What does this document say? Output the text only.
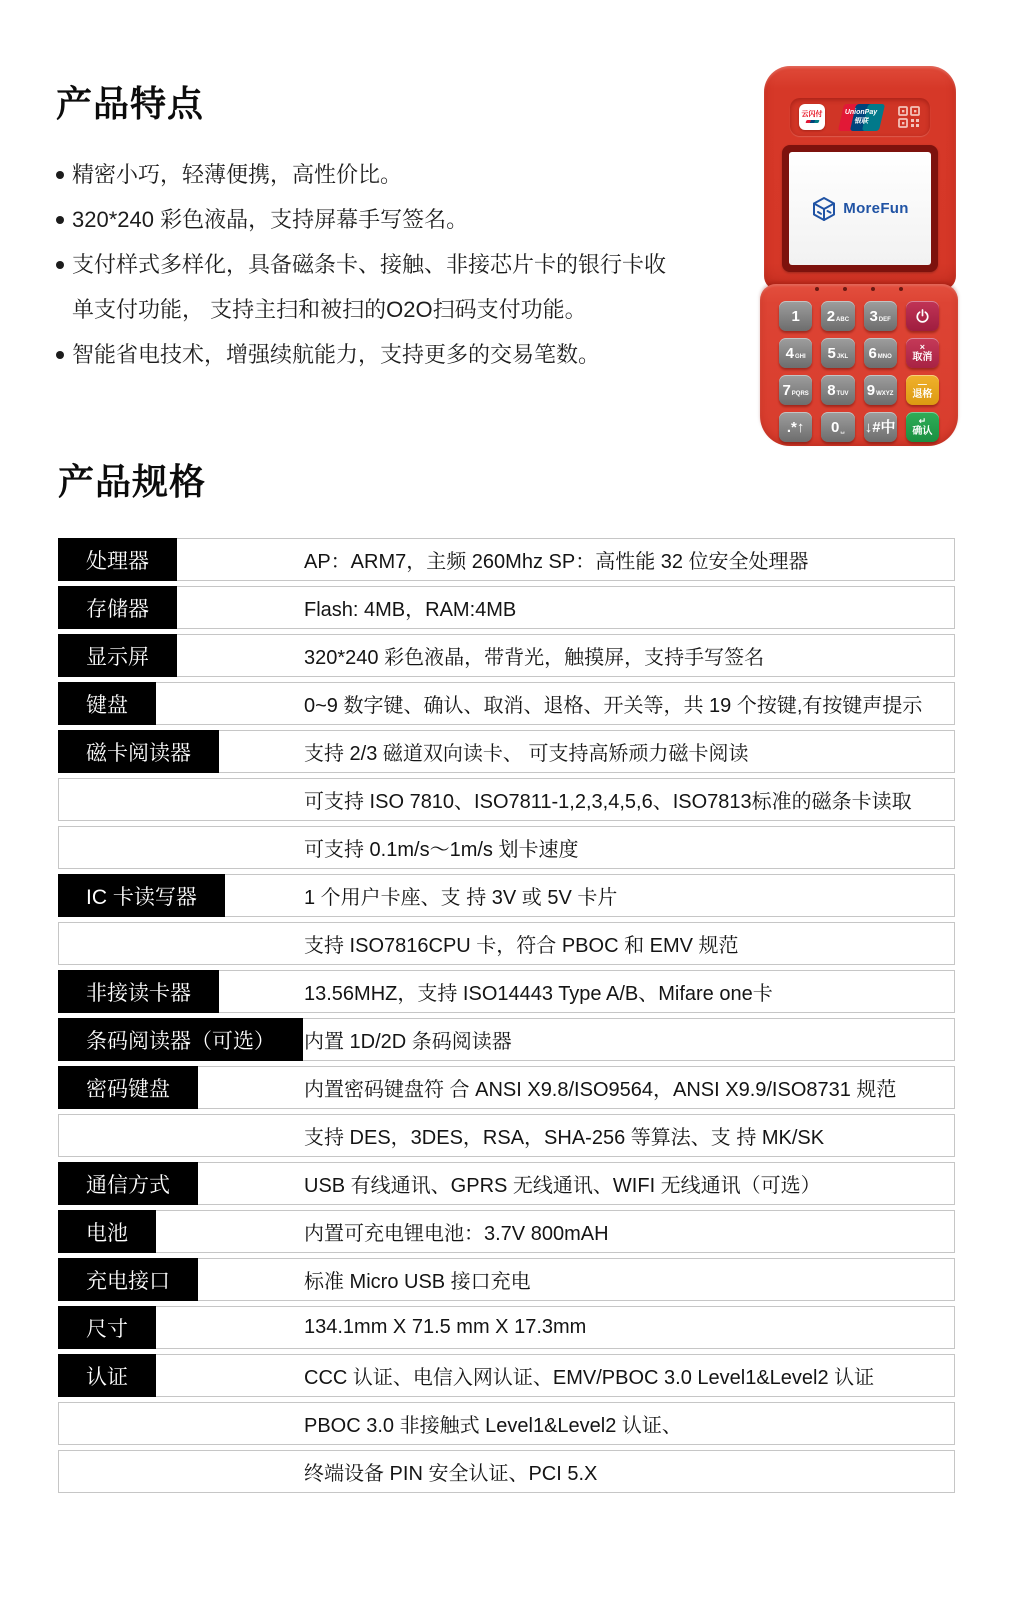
产品特点
精密小巧，轻薄便携，高性价比。
320*240 彩色液晶，支持屏幕手写签名。
支付样式多样化，具备磁条卡、接触、非接芯片卡的银行卡收单支付功能， 支持主扫和被扫的O2O扫码支付功能。
智能省电技术，增强续航能力，支持更多的交易笔数。
云闪付	UnionPay
银联
MoreFun
1 2 ABC 3 DEF
4 GHI 5 JKL 6 MNO
×
取消
7 PQRS 8 TUV 9 WXYZ
—
退格
.*↑ 0 ␣ ↓#中	↵
确认
产品规格
处理器	AP：ARM7，主频 260Mhz SP：高性能 32 位安全处理器
存储器	Flash: 4MB，RAM:4MB
显示屏	320*240 彩色液晶，带背光，触摸屏，支持手写签名
键盘	0~9 数字键、确认、取消、退格、开关等，共 19 个按键,有按键声提示
磁卡阅读器	支持 2/3 磁道双向读卡、 可支持高矫顽力磁卡阅读
可支持 ISO 7810、ISO7811-1,2,3,4,5,6、ISO7813标准的磁条卡读取
可支持 0.1m/s～1m/s 划卡速度
IC 卡读写器	1 个用户卡座、支 持 3V 或 5V 卡片
支持 ISO7816CPU 卡，符合 PBOC 和 EMV 规范
非接读卡器	13.56MHZ，支持 ISO14443 Type A/B、Mifare one卡
条码阅读器（可选）	内置 1D/2D 条码阅读器
密码键盘	内置密码键盘符 合 ANSI X9.8/ISO9564，ANSI X9.9/ISO8731 规范
支持 DES，3DES，RSA，SHA-256 等算法、支 持 MK/SK
通信方式	USB 有线通讯、GPRS 无线通讯、WIFI 无线通讯（可选）
电池	内置可充电锂电池：3.7V 800mAH
充电接口	标准 Micro USB 接口充电
尺寸	134.1mm X 71.5 mm X 17.3mm
认证	CCC 认证、电信入网认证、EMV/PBOC 3.0 Level1&Level2 认证
PBOC 3.0 非接触式 Level1&Level2 认证、
终端设备 PIN 安全认证、PCI 5.X
